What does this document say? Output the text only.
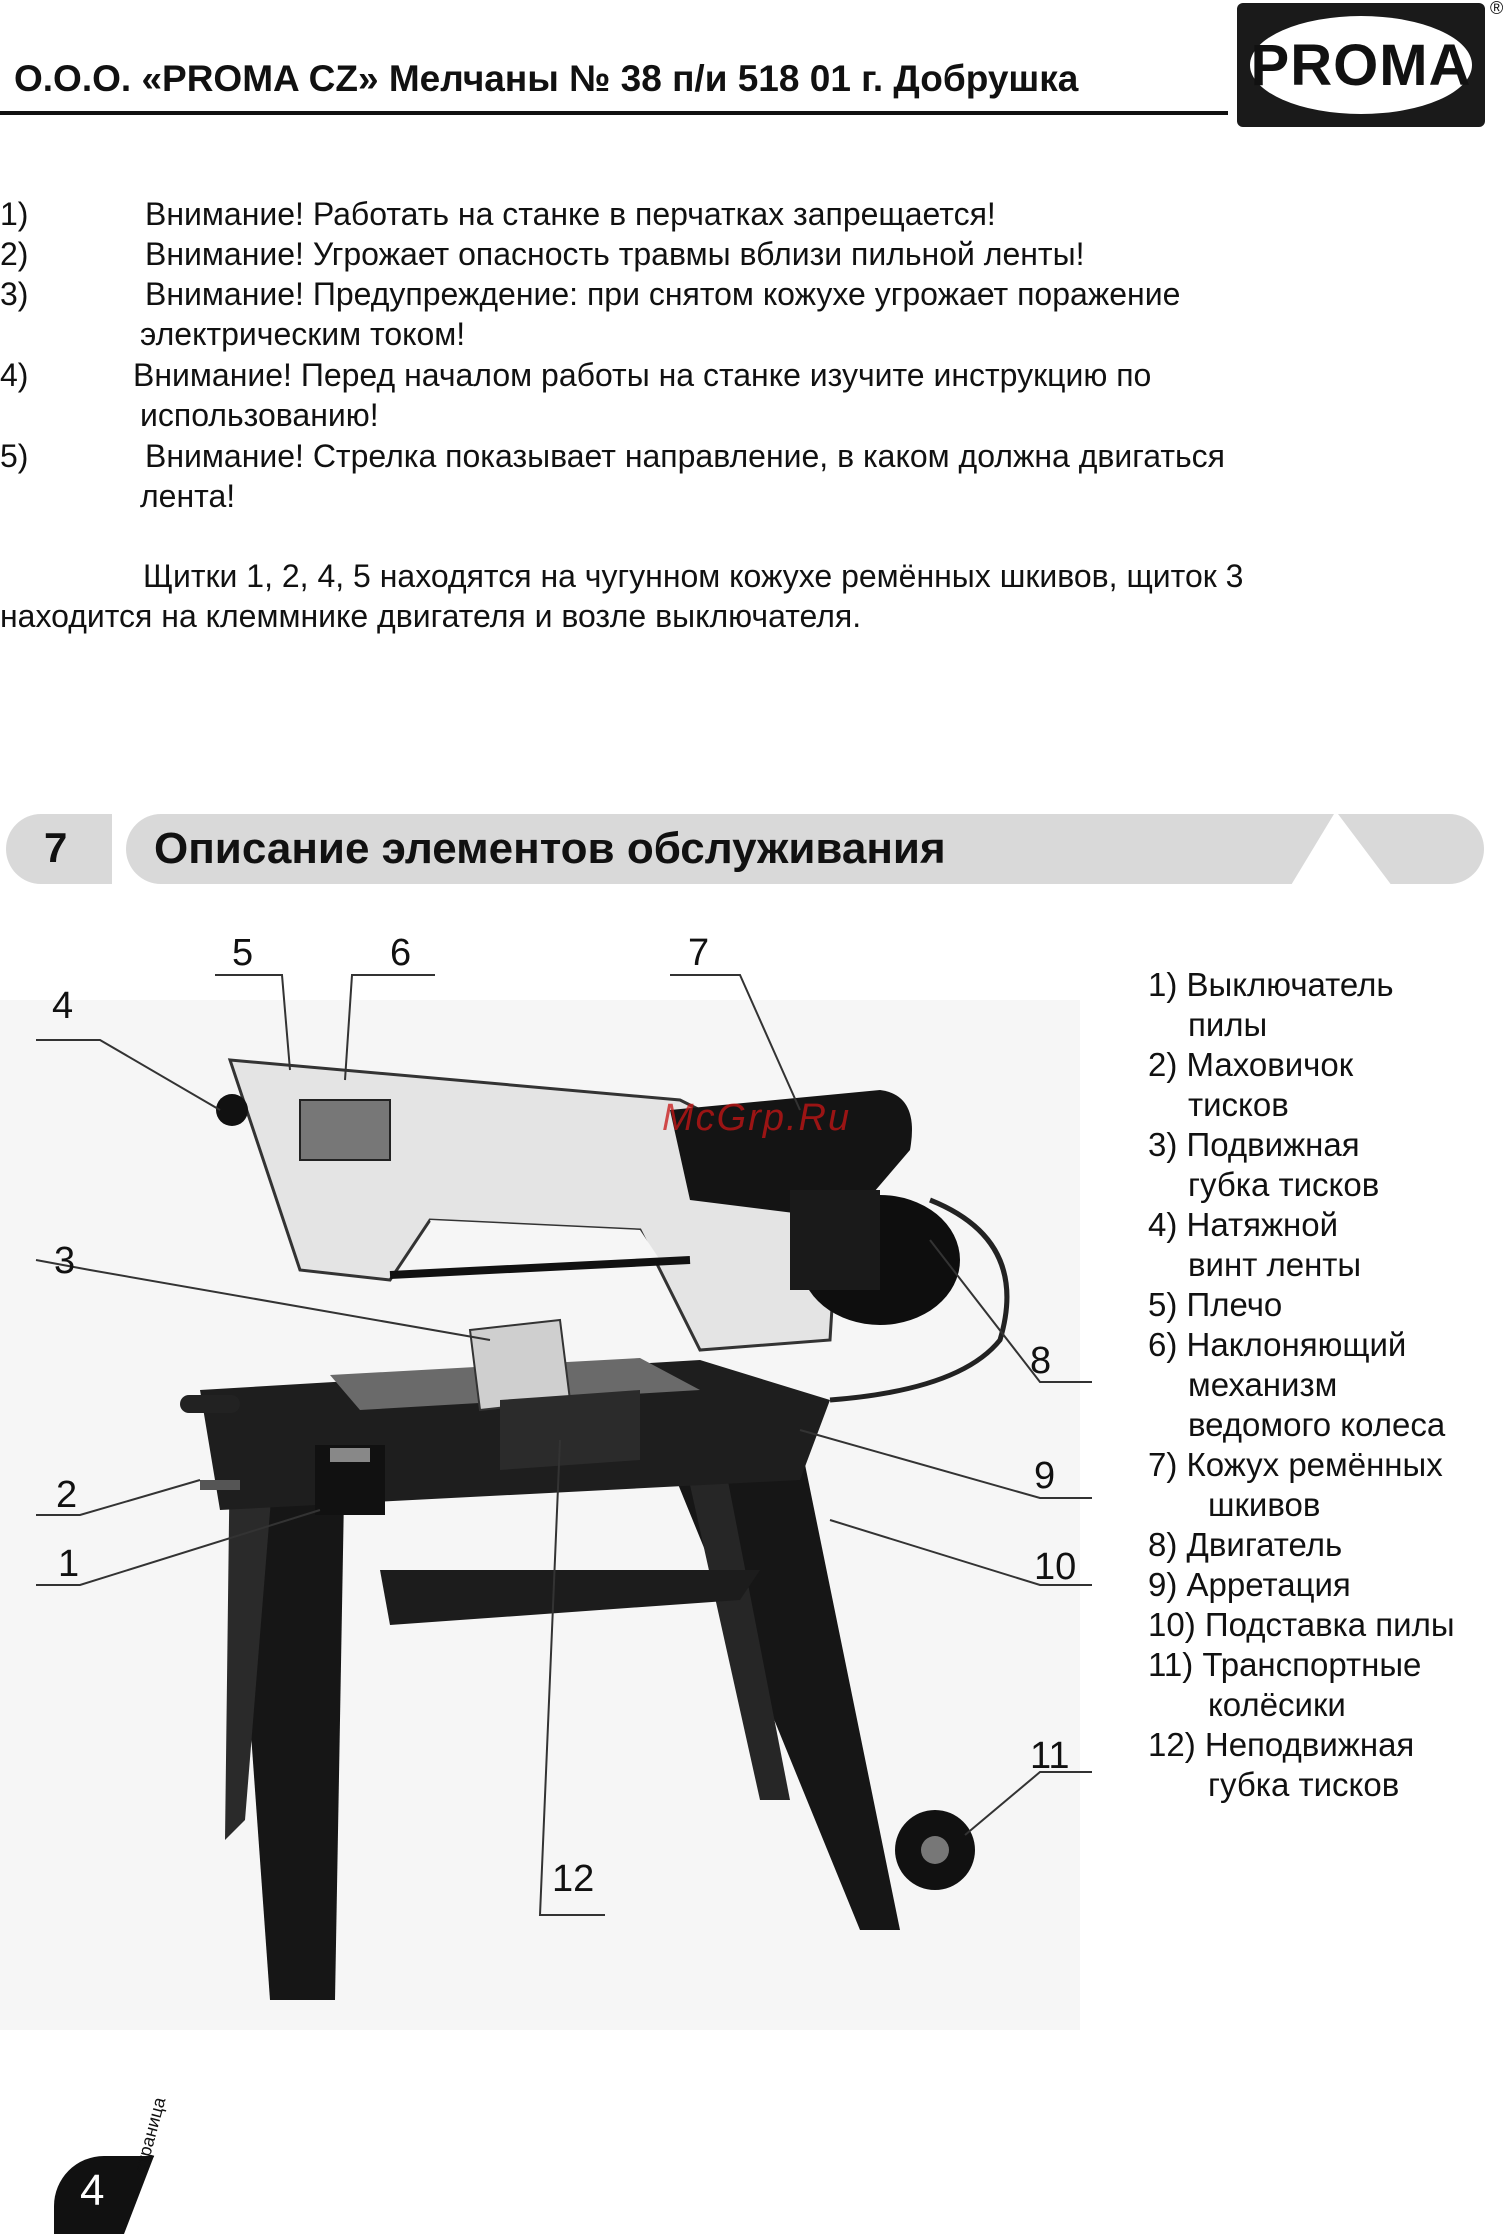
О.О.О. «PROMA CZ» Мелчаны № 38 п/и 518 01 г. Добрушка	PROMA
®
1)	Внимание! Работать на станке в перчатках запрещается!
2)	Внимание! Угрожает опасность травмы вблизи пильной ленты!
3)	Внимание! Предупреждение: при снятом кожухе угрожает поражение
электрическим током!
4)	Внимание! Перед началом работы на станке изучите инструкцию по
использованию!
5)	Внимание! Стрелка показывает направление, в каком должна двигаться
лента!
Щитки 1, 2, 4, 5 находятся на чугунном кожухе ремённых шкивов, щиток 3
находится на клеммнике двигателя и возле выключателя.
7 Описание элементов обслуживания
4
5	6	7
8
3
9
2
1	10
11
12
McGrp.Ru
1) Выключатель
пилы
2) Маховичок
тисков
3) Подвижная
губка тисков
4) Натяжной
винт ленты
5) Плечо
6) Наклоняющий
механизм
ведомого колеса
7) Кожух ремённых
шкивов
8) Двигатель
9) Арретация
10) Подставка пилы
11) Транспортные
колёсики
12) Неподвижная
губка тисков
4
страница
